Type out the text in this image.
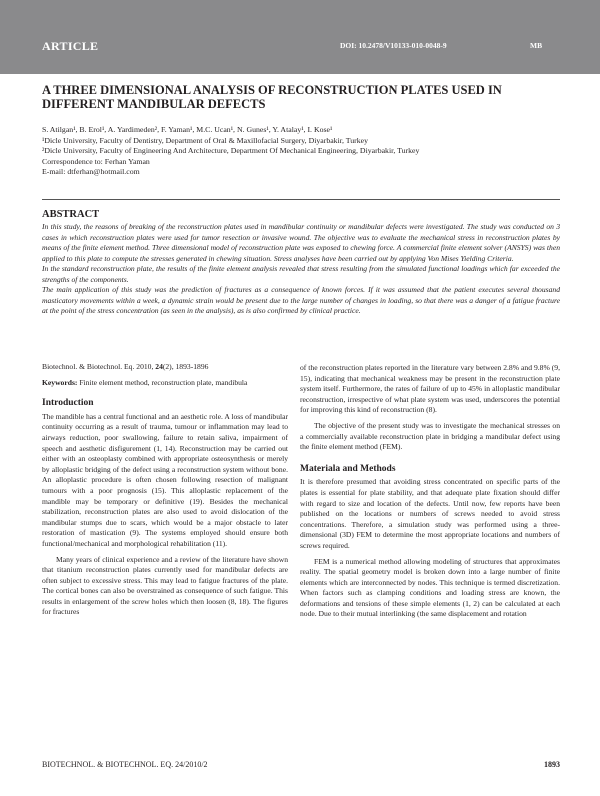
ARTICLE	DOI: 10.2478/V10133-010-0048-9	MB
A THREE DIMENSIONAL ANALYSIS OF RECONSTRUCTION PLATES USED IN DIFFERENT MANDIBULAR DEFECTS
S. Atilgan¹, B. Erol¹, A. Yardimeden², F. Yaman¹, M.C. Ucan¹, N. Gunes¹, Y. Atalay¹, I. Kose¹
¹Dicle University, Faculty of Dentistry, Department of Oral & Maxillofacial Surgery, Diyarbakir, Turkey
²Dicle University, Faculty of Engineering And Architecture, Department Of Mechanical Engineering, Diyarbakir, Turkey
Correspondence to: Ferhan Yaman
E-mail: dtferhan@hotmail.com
ABSTRACT

In this study, the reasons of breaking of the reconstruction plates used in mandibular continuity or mandibular defects were investigated. The study was conducted on 3 cases in which reconstruction plates were used for tumor resection or invasive wound. The objective was to evaluate the mechanical stress in reconstruction plates by means of the finite element method. Three dimensional model of reconstruction plate was exposed to chewing force. A commercial finite element solver (ANSYS) was then applied to this plate to compute the stresses generated in chewing situation. Stress analyses have been carried out by applying Von Mises Yielding Criteria.

In the standard reconstruction plate, the results of the finite element analysis revealed that stress resulting from the simulated functional loadings which far exceeded the strengths of the components.

The main application of this study was the prediction of fractures as a consequence of known forces. If it was assumed that the patient executes several thousand masticatory movements within a week, a dynamic strain would be present due to the large number of changes in loading, so that there was a danger of a fatigue fracture at the point of the stress concentration (as seen in the analysis), as is also confirmed by clinical practice.

Biotechnol. & Biotechnol. Eq. 2010, 24(2), 1893-1896

Keywords: Finite element method, reconstruction plate, mandibula

Introduction

The mandible has a central functional and an aesthetic role. A loss of mandibular continuity occurring as a result of trauma, tumour or inflammation may lead to airways reduction, poor swallowing, failure to retain saliva, impairment of speech and aesthetic disfigurement (1, 14). Reconstruction may be carried out either with an osteoplasty combined with appropriate osteosynthesis or merely by alloplastic bridging of the defect using a reconstruction system without bone. An alloplastic procedure is often chosen following resection of malignant tumours with a poor prognosis (15). This alloplastic replacement of the mandible may be temporary or definitive (19). Besides the mechanical stabilization, reconstruction plates are also used to avoid dislocation of the mandibular stumps due to scars, which would be a major obstacle to later restoration of mastication (9). The systems employed should ensure both functional/mechanical and morphological rehabilitation (11).

Many years of clinical experience and a review of the literature have shown that titanium reconstruction plates currently used for mandibular defects are often subject to excessive stress. This may lead to fatigue fractures of the plate. The cortical bones can also be overstrained as consequence of such fatigue. This results in enlargement of the screw holes which then loosen (8, 18). The figures for fractures

of the reconstruction plates reported in the literature vary between 2.8% and 9.8% (9, 15), indicating that mechanical weakness may be present in the reconstruction plate system itself. Furthermore, the rates of failure of up to 45% in alloplastic mandibular reconstruction, irrespective of what plate system was used, underscores the potential for improving this kind of reconstruction (8).

The objective of the present study was to investigate the mechanical stresses on a commercially available reconstruction plate in bridging a mandibular defect using the finite element method (FEM).

Materiala and Methods

It is therefore presumed that avoiding stress concentrated on specific parts of the plates is essential for plate stability, and that adequate plate fixation should differ with regard to size and location of the defects. Until now, few reports have been published on the locations or numbers of screws needed to avoid stress concentrations. Therefore, a simulation study was performed using a three-dimensional (3D) FEM to determine the most appropriate locations and numbers of screws required.

FEM is a numerical method allowing modeling of structures that approximates reality. The spatial geometry model is broken down into a large number of finite elements which are interconnected by nodes. This technique is termed discretization. When factors such as clamping conditions and loading stress are known, the deformations and tensions of these simple elements (1, 2) can be calculated at each node. Due to their mutual interlinking (the same displacement and rotation

BIOTECHNOL. & BIOTECHNOL. EQ. 24/2010/2	1893
